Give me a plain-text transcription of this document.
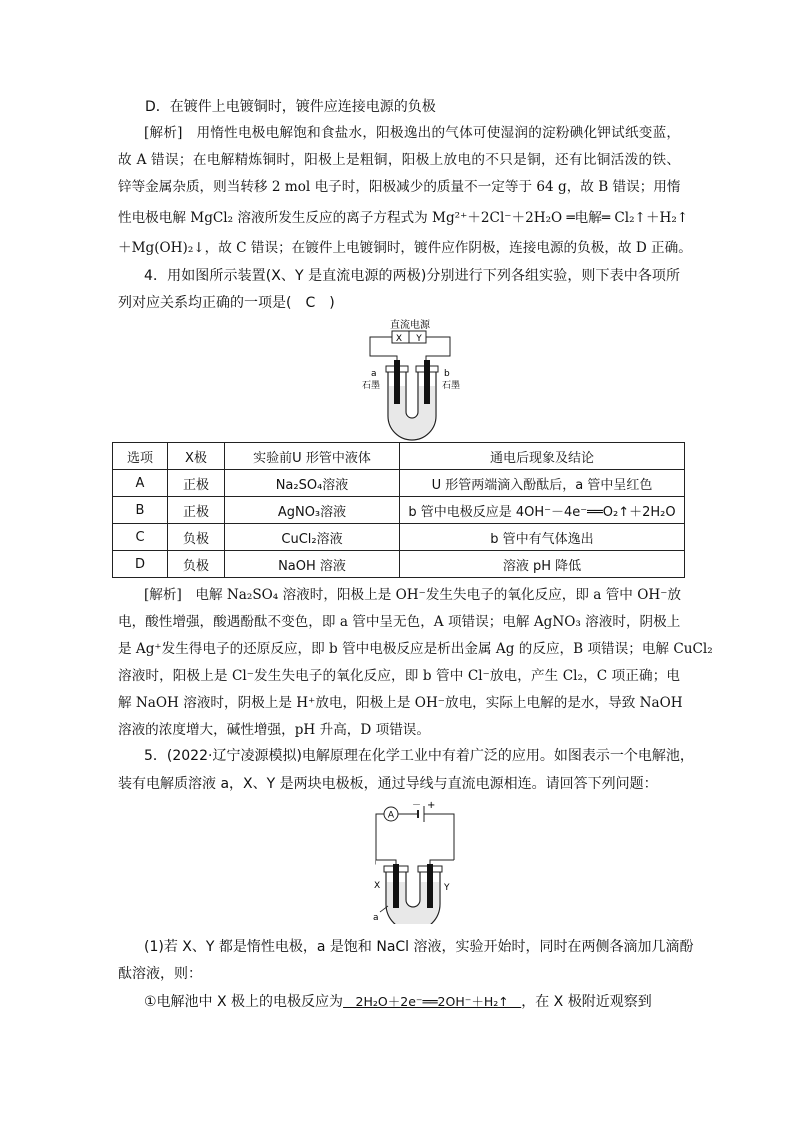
D．在镀件上电镀铜时，镀件应连接电源的负极
[解析]　用惰性电极电解饱和食盐水，阳极逸出的气体可使湿润的淀粉碘化钾试纸变蓝，
故 A 错误；在电解精炼铜时，阳极上是粗铜，阳极上放电的不只是铜，还有比铜活泼的铁、
锌等金属杂质，则当转移 2 mol 电子时，阳极减少的质量不一定等于 64 g，故 B 错误；用惰
性电极电解 MgCl₂ 溶液所发生反应的离子方程式为 Mg²⁺＋2Cl⁻＋2H₂O ═电解═ Cl₂↑＋H₂↑
＋Mg(OH)₂↓，故 C 错误；在镀件上电镀铜时，镀件应作阴极，连接电源的负极，故 D 正确。
4．用如图所示装置(X、Y 是直流电源的两极)分别进行下列各组实验，则下表中各项所
列对应关系均正确的一项是(　C　)
直流电源
X Y
a
石墨
b
石墨
选项	X极	实验前U 形管中液体	通电后现象及结论
A	正极	Na₂SO₄溶液	U 形管两端滴入酚酞后，a 管中呈红色
B	正极	AgNO₃溶液	b 管中电极反应是 4OH⁻－4e⁻══O₂↑＋2H₂O
C	负极	CuCl₂溶液	b 管中有气体逸出
D	负极	NaOH 溶液	溶液 pH 降低
[解析]　电解 Na₂SO₄ 溶液时，阳极上是 OH⁻发生失电子的氧化反应，即 a 管中 OH⁻放
电，酸性增强，酸遇酚酞不变色，即 a 管中呈无色，A 项错误；电解 AgNO₃ 溶液时，阴极上
是 Ag⁺发生得电子的还原反应，即 b 管中电极反应是析出金属 Ag 的反应，B 项错误；电解 CuCl₂
溶液时，阳极上是 Cl⁻发生失电子的氧化反应，即 b 管中 Cl⁻放电，产生 Cl₂，C 项正确；电
解 NaOH 溶液时，阴极上是 H⁺放电，阳极上是 OH⁻放电，实际上电解的是水，导致 NaOH
溶液的浓度增大，碱性增强，pH 升高，D 项错误。
5．(2022·辽宁凌源模拟)电解原理在化学工业中有着广泛的应用。如图表示一个电解池，
装有电解质溶液 a，X、Y 是两块电极板，通过导线与直流电源相连。请回答下列问题：
A
－ +
X	Y
a
(1)若 X、Y 都是惰性电极，a 是饱和 NaCl 溶液，实验开始时，同时在两侧各滴加几滴酚
酞溶液，则：
①电解池中 X 极上的电极反应为　2H₂O＋2e⁻══2OH⁻＋H₂↑　，在 X 极附近观察到
